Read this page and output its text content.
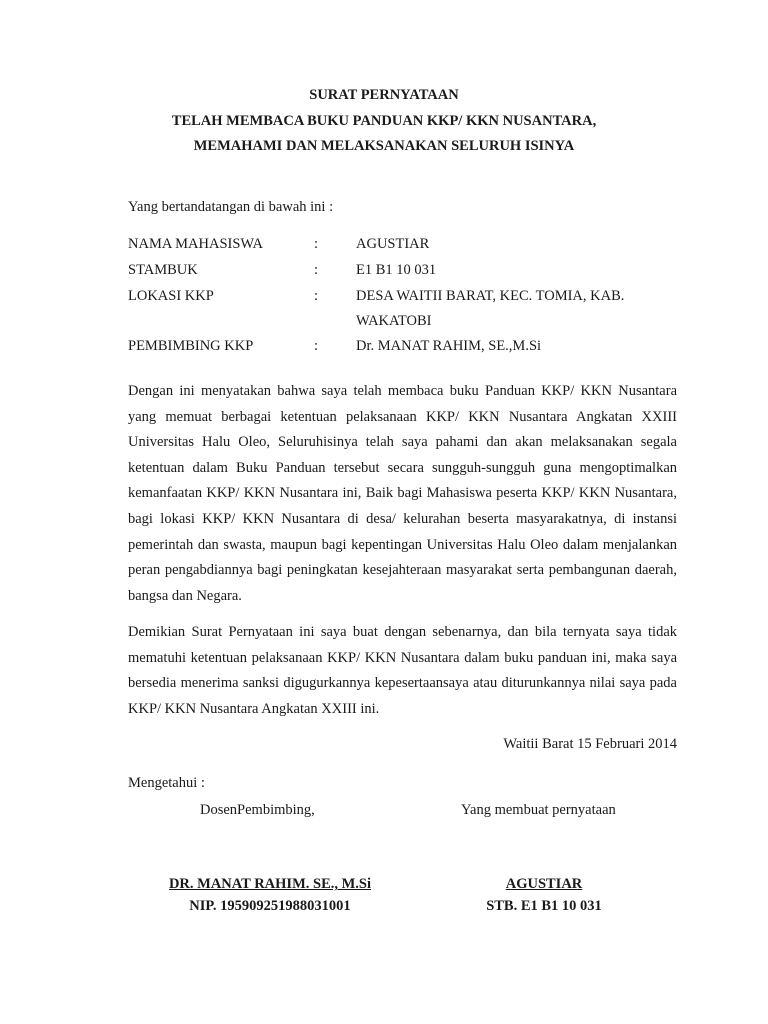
SURAT PERNYATAAN
TELAH MEMBACA BUKU PANDUAN KKP/ KKN NUSANTARA,
MEMAHAMI DAN MELAKSANAKAN SELURUH ISINYA
Yang bertandatangan di bawah ini :
NAMA MAHASISWA	:	AGUSTIAR
STAMBUK	:	E1 B1 10 031
LOKASI KKP	:	DESA WAITII BARAT, KEC. TOMIA, KAB.
WAKATOBI
PEMBIMBING KKP	:	Dr. MANAT RAHIM, SE.,M.Si

Dengan ini menyatakan bahwa saya telah membaca buku Panduan KKP/ KKN Nusantara yang memuat berbagai ketentuan pelaksanaan KKP/ KKN Nusantara Angkatan XXIII Universitas Halu Oleo, Seluruhisinya telah saya pahami dan akan melaksanakan segala ketentuan dalam Buku Panduan tersebut secara sungguh-sungguh guna mengoptimalkan kemanfaatan KKP/ KKN Nusantara ini, Baik bagi Mahasiswa peserta KKP/ KKN Nusantara, bagi lokasi KKP/ KKN Nusantara di desa/ kelurahan beserta masyarakatnya, di instansi pemerintah dan swasta, maupun bagi kepentingan Universitas Halu Oleo dalam menjalankan peran pengabdiannya bagi peningkatan kesejahteraan masyarakat serta pembangunan daerah, bangsa dan Negara.

Demikian Surat Pernyataan ini saya buat dengan sebenarnya, dan bila ternyata saya tidak mematuhi ketentuan pelaksanaan KKP/ KKN Nusantara dalam buku panduan ini, maka saya bersedia menerima sanksi digugurkannya kepesertaansaya atau diturunkannya nilai saya pada KKP/ KKN Nusantara Angkatan XXIII ini.

Waitii Barat 15 Februari 2014
Mengetahui :
DosenPembimbing,	Yang membuat pernyataan
DR. MANAT RAHIM. SE., M.Si
NIP. 195909251988031001
AGUSTIAR
STB. E1 B1 10 031
